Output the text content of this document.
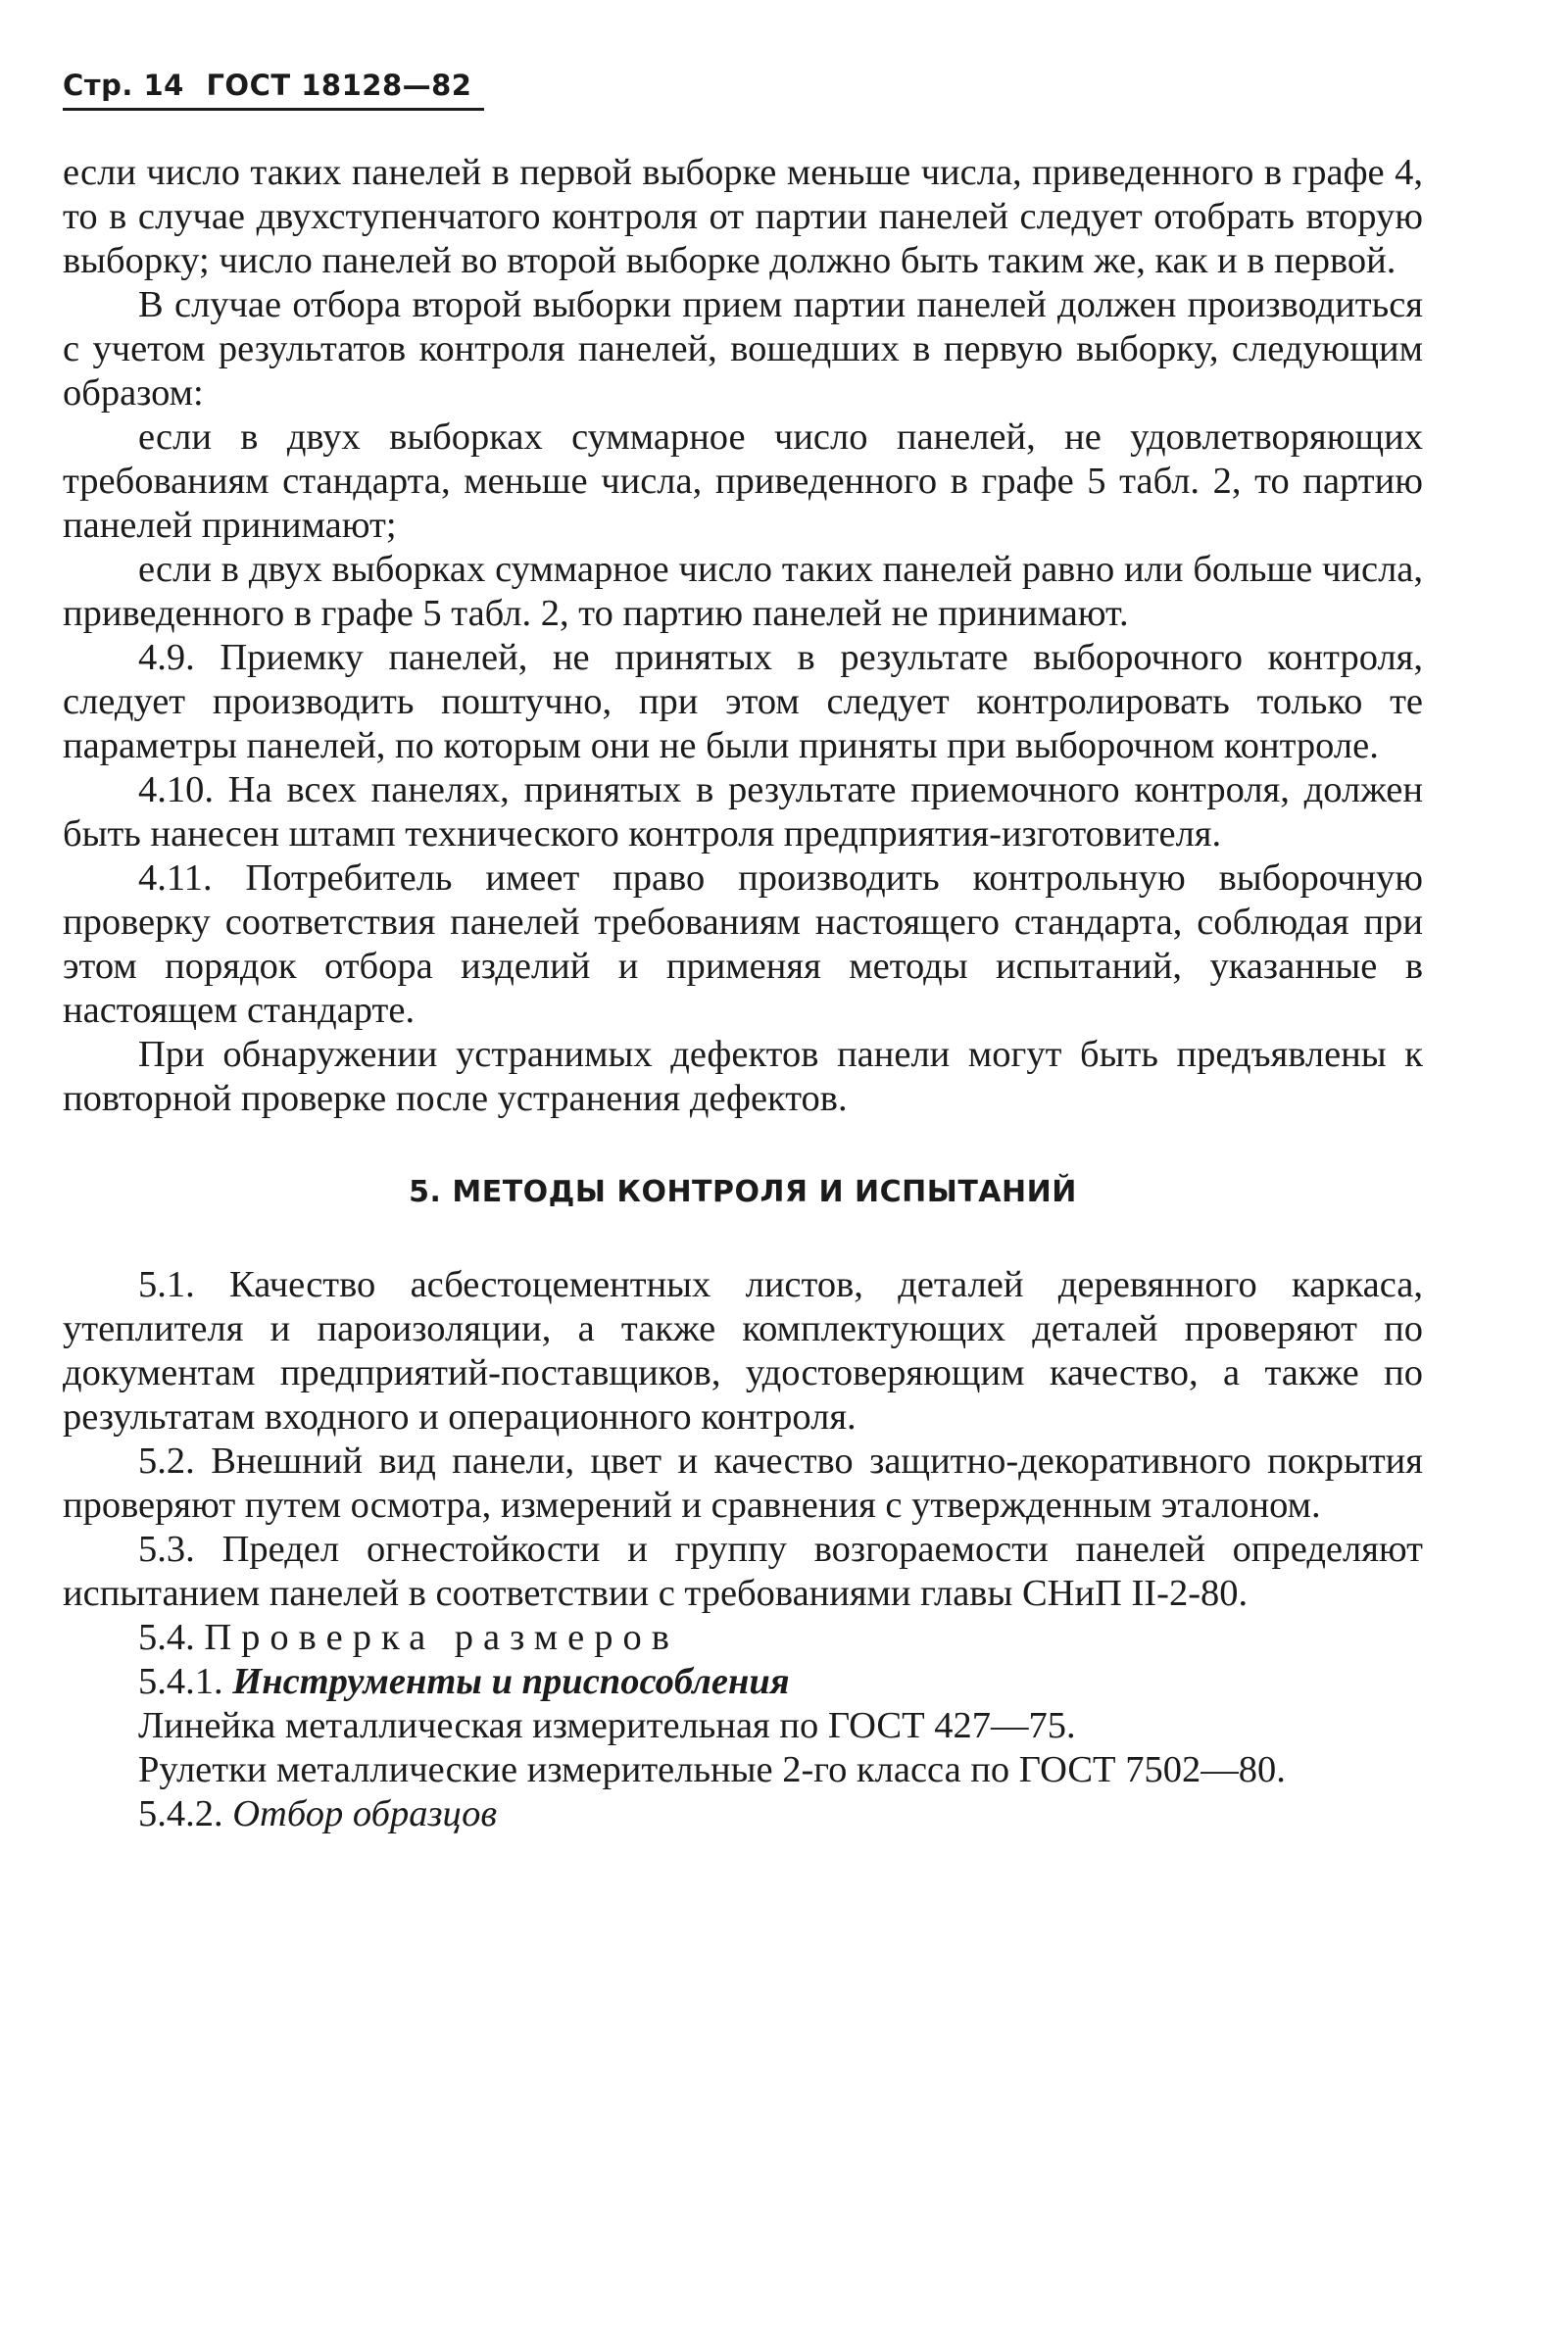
Стр. 14 ГОСТ 18128—82

если число таких панелей в первой выборке меньше числа, приведенного в графе 4, то в случае двухступенчатого контроля от партии панелей следует отобрать вторую выборку; число панелей во второй выборке должно быть таким же, как и в первой.

В случае отбора второй выборки прием партии панелей должен производиться с учетом результатов контроля панелей, вошедших в первую выборку, следующим образом:

если в двух выборках суммарное число панелей, не удовлетворяющих требованиям стандарта, меньше числа, приведенного в графе 5 табл. 2, то партию панелей принимают;

если в двух выборках суммарное число таких панелей равно или больше числа, приведенного в графе 5 табл. 2, то партию панелей не принимают.

4.9. Приемку панелей, не принятых в результате выборочного контроля, следует производить поштучно, при этом следует контролировать только те параметры панелей, по которым они не были приняты при выборочном контроле.

4.10. На всех панелях, принятых в результате приемочного контроля, должен быть нанесен штамп технического контроля предприятия-изготовителя.

4.11. Потребитель имеет право производить контрольную выборочную проверку соответствия панелей требованиям настоящего стандарта, соблюдая при этом порядок отбора изделий и применяя методы испытаний, указанные в настоящем стандарте.

При обнаружении устранимых дефектов панели могут быть предъявлены к повторной проверке после устранения дефектов.

5. МЕТОДЫ КОНТРОЛЯ И ИСПЫТАНИЙ

5.1. Качество асбестоцементных листов, деталей деревянного каркаса, утеплителя и пароизоляции, а также комплектующих деталей проверяют по документам предприятий-поставщиков, удостоверяющим качество, а также по результатам входного и операционного контроля.

5.2. Внешний вид панели, цвет и качество защитно-декоративного покрытия проверяют путем осмотра, измерений и сравнения с утвержденным эталоном.

5.3. Предел огнестойкости и группу возгораемости панелей определяют испытанием панелей в соответствии с требованиями главы СНиП II-2-80.

5.4. Проверка размеров

5.4.1. Инструменты и приспособления

Линейка металлическая измерительная по ГОСТ 427—75.

Рулетки металлические измерительные 2-го класса по ГОСТ 7502—80.

5.4.2. Отбор образцов
